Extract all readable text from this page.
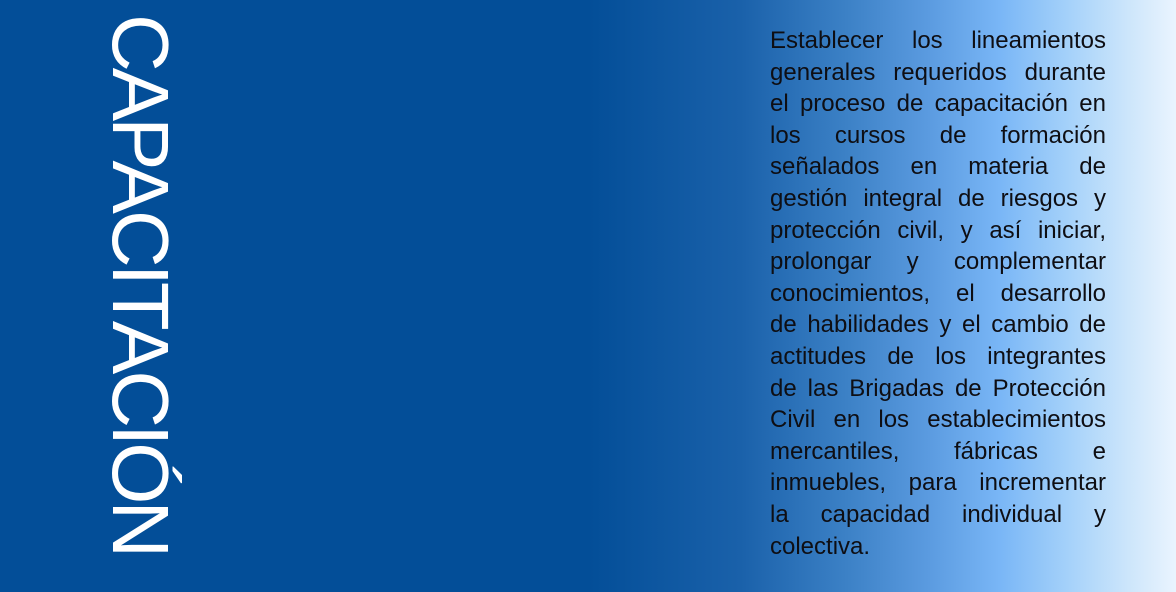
CAPACITACIÓN	Establecer los lineamientos
generales requeridos durante
el proceso de capacitación en
los cursos de formación
señalados en materia de
gestión integral de riesgos y
protección civil, y así iniciar,
prolongar y complementar
conocimientos, el desarrollo
de habilidades y el cambio de
actitudes de los integrantes
de las Brigadas de Protección
Civil en los establecimientos
mercantiles, fábricas e
inmuebles, para incrementar
la capacidad individual y
colectiva.
